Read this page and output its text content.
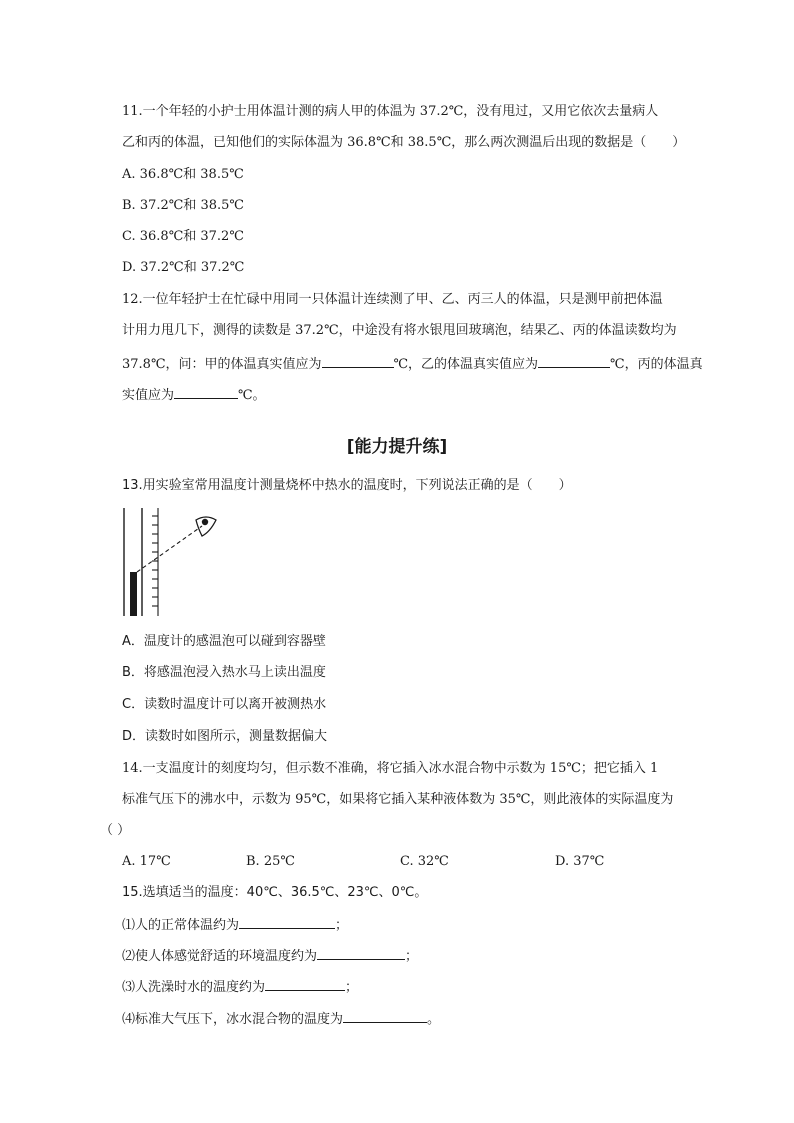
11.一个年轻的小护士用体温计测的病人甲的体温为 37.2℃，没有甩过，又用它依次去量病人
乙和丙的体温，已知他们的实际体温为 36.8℃和 38.5℃，那么两次测温后出现的数据是（　　）
A. 36.8℃和 38.5℃
B. 37.2℃和 38.5℃
C. 36.8℃和 37.2℃
D. 37.2℃和 37.2℃
12.一位年轻护士在忙碌中用同一只体温计连续测了甲、乙、丙三人的体温，只是测甲前把体温
计用力甩几下，测得的读数是 37.2℃，中途没有将水银甩回玻璃泡，结果乙、丙的体温读数均为
37.8℃，问：甲的体温真实值应为	℃，乙的体温真实值应为	℃，丙的体温真
实值应为	℃。
[能力提升练]
13.用实验室常用温度计测量烧杯中热水的温度时，下列说法正确的是（　　）
A．温度计的感温泡可以碰到容器壁
B．将感温泡浸入热水马上读出温度
C．读数时温度计可以离开被测热水
D．读数时如图所示，测量数据偏大
14.一支温度计的刻度均匀，但示数不准确，将它插入冰水混合物中示数为 15℃；把它插入 1
标准气压下的沸水中，示数为 95℃，如果将它插入某种液体数为 35℃，则此液体的实际温度为
（ ）
A. 17℃	B. 25℃	C. 32℃	D. 37℃
15.选填适当的温度：40℃、36.5℃、23℃、0℃。
⑴人的正常体温约为	；
⑵使人体感觉舒适的环境温度约为	；
⑶人洗澡时水的温度约为	；
⑷标准大气压下，冰水混合物的温度为	。
